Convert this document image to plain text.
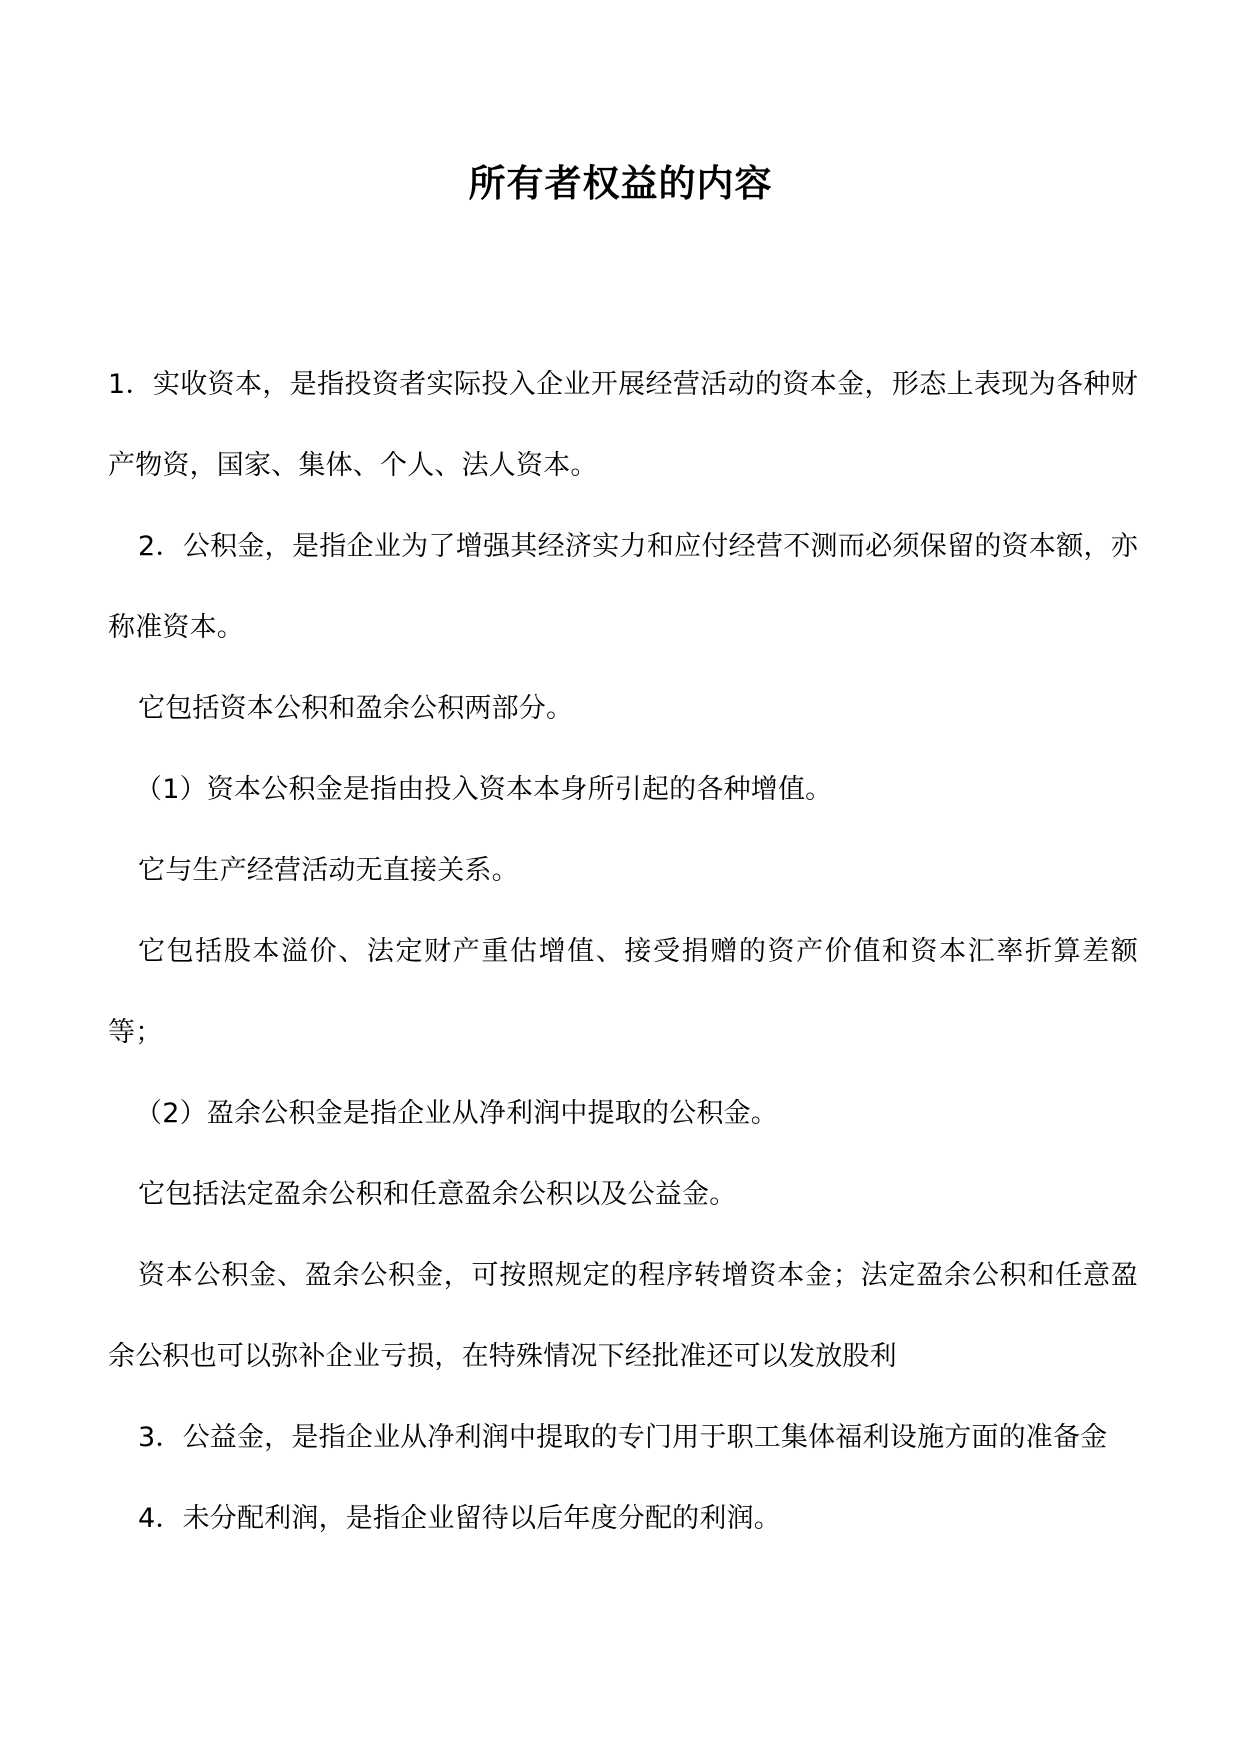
所有者权益的内容

1．实收资本，是指投资者实际投入企业开展经营活动的资本金，形态上表现为各种财产物资，国家、集体、个人、法人资本。

2．公积金，是指企业为了增强其经济实力和应付经营不测而必须保留的资本额，亦称准资本。

它包括资本公积和盈余公积两部分。

（1）资本公积金是指由投入资本本身所引起的各种增值。

它与生产经营活动无直接关系。

它包括股本溢价、法定财产重估增值、接受捐赠的资产价值和资本汇率折算差额等；

（2）盈余公积金是指企业从净利润中提取的公积金。

它包括法定盈余公积和任意盈余公积以及公益金。

资本公积金、盈余公积金，可按照规定的程序转增资本金；法定盈余公积和任意盈余公积也可以弥补企业亏损，在特殊情况下经批准还可以发放股利

3．公益金，是指企业从净利润中提取的专门用于职工集体福利设施方面的准备金

4．未分配利润，是指企业留待以后年度分配的利润。
